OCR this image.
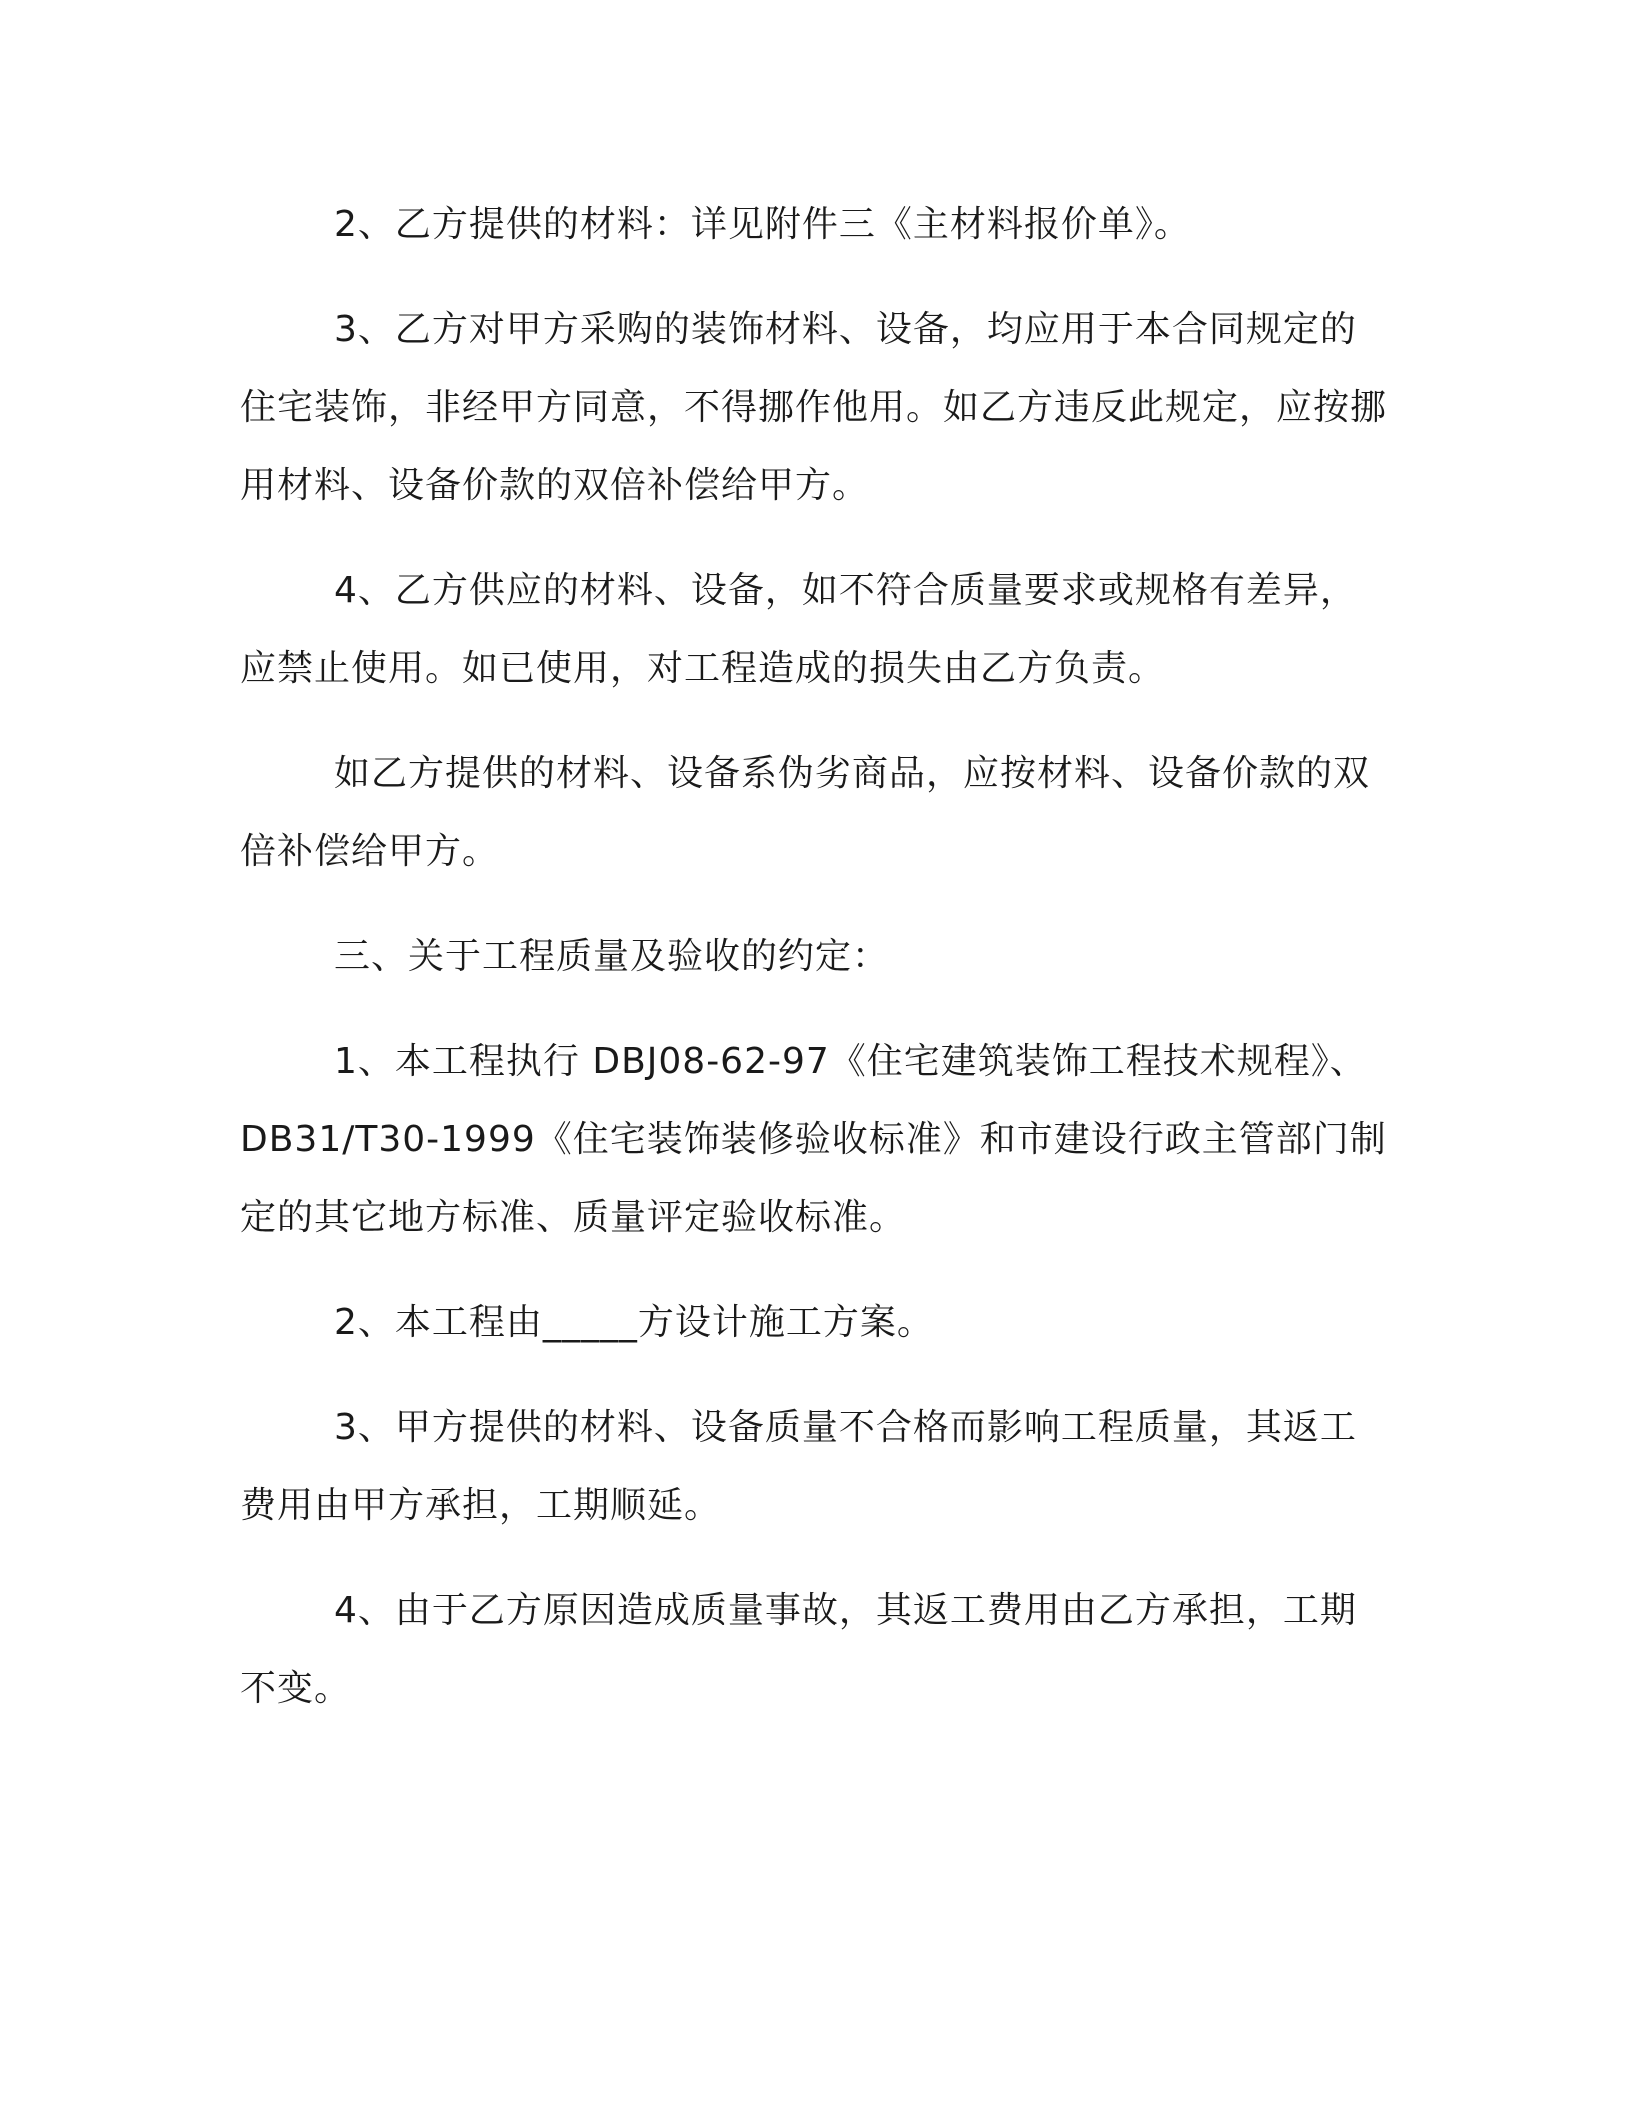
2、乙方提供的材料：详见附件三《主材料报价单》。

3、乙方对甲方采购的装饰材料、设备，均应用于本合同规定的住宅装饰，非经甲方同意，不得挪作他用。如乙方违反此规定，应按挪用材料、设备价款的双倍补偿给甲方。

4、乙方供应的材料、设备，如不符合质量要求或规格有差异，应禁止使用。如已使用，对工程造成的损失由乙方负责。

如乙方提供的材料、设备系伪劣商品，应按材料、设备价款的双倍补偿给甲方。

三、关于工程质量及验收的约定：

1、本工程执行 DBJ08-62-97《住宅建筑装饰工程技术规程》、DB31/T30-1999《住宅装饰装修验收标准》和市建设行政主管部门制定的其它地方标准、质量评定验收标准。

2、本工程由_____方设计施工方案。

3、甲方提供的材料、设备质量不合格而影响工程质量，其返工费用由甲方承担，工期顺延。

4、由于乙方原因造成质量事故，其返工费用由乙方承担，工期不变。
